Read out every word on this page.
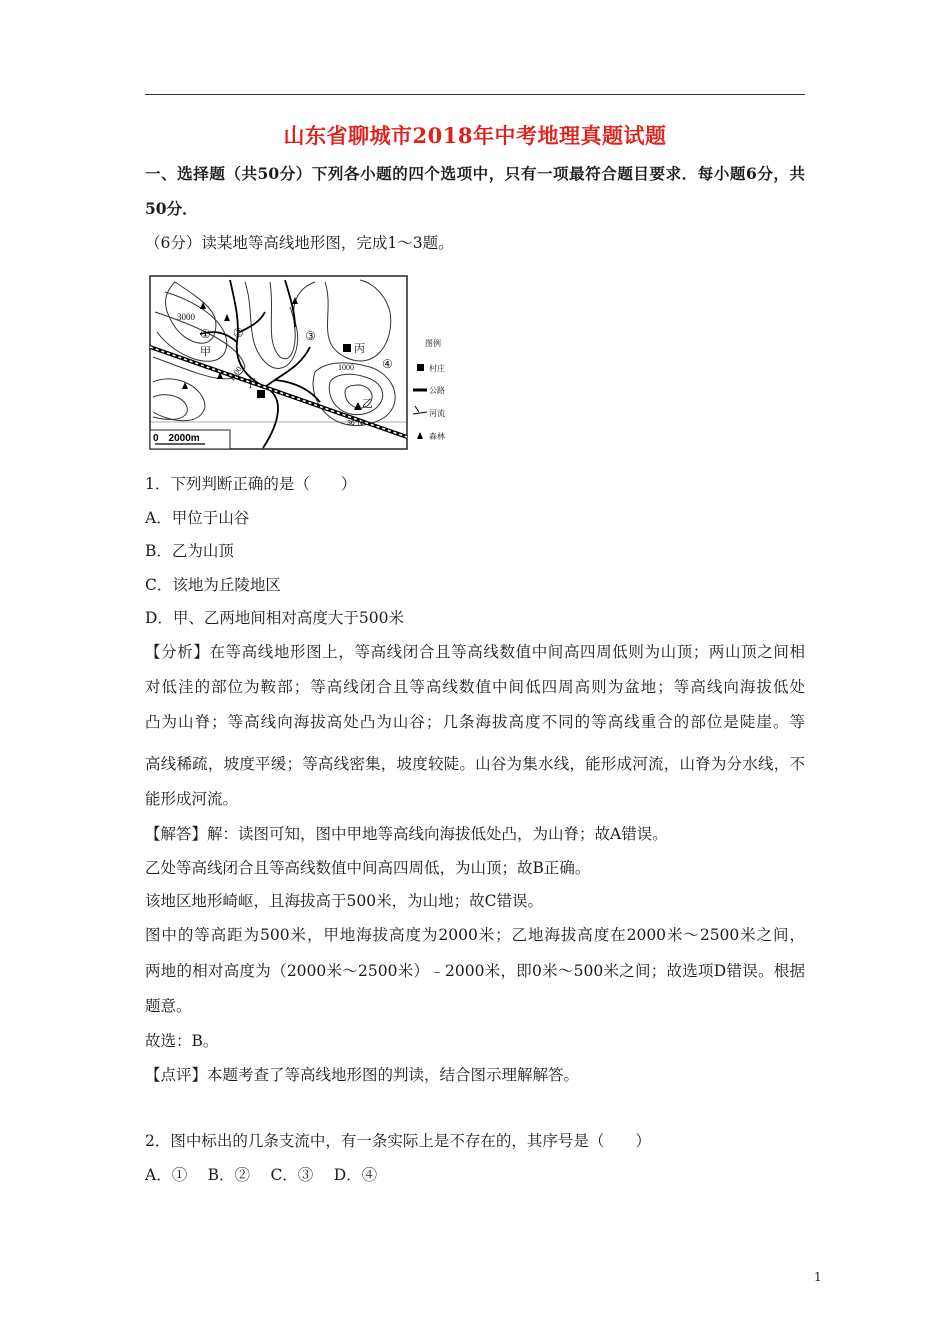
山东省聊城市2018年中考地理真题试题
一、选择题（共50分）下列各小题的四个选项中，只有一项最符合题目要求．每小题6分，共
50分．
（6分）读某地等高线地形图，完成1～3题。
36°N
3000
1500	1000
甲
乙
丙
丁
① ②	③
④
0　2000m
图例
村庄
公路
河流
森林
1．下列判断正确的是（　　）
A．甲位于山谷
B．乙为山顶
C．该地为丘陵地区
D．甲、乙两地间相对高度大于500米
【分析】在等高线地形图上，等高线闭合且等高线数值中间高四周低则为山顶；两山顶之间相
对低洼的部位为鞍部；等高线闭合且等高线数值中间低四周高则为盆地；等高线向海拔低处
凸为山脊；等高线向海拔高处凸为山谷；几条海拔高度不同的等高线重合的部位是陡崖。等
高线稀疏，坡度平缓；等高线密集，坡度较陡。山谷为集水线，能形成河流，山脊为分水线，不
能形成河流。
【解答】解：读图可知，图中甲地等高线向海拔低处凸，为山脊；故A错误。
乙处等高线闭合且等高线数值中间高四周低，为山顶；故B正确。
该地区地形崎岖，且海拔高于500米，为山地；故C错误。
图中的等高距为500米，甲地海拔高度为2000米；乙地海拔高度在2000米～2500米之间，
两地的相对高度为（2000米～2500米）﹣2000米，即0米～500米之间；故选项D错误。根据
题意。
故选：B。
【点评】本题考查了等高线地形图的判读，结合图示理解解答。
2．图中标出的几条支流中，有一条实际上是不存在的，其序号是（　　）
A．①　 B．②　 C．③　 D．④
1
